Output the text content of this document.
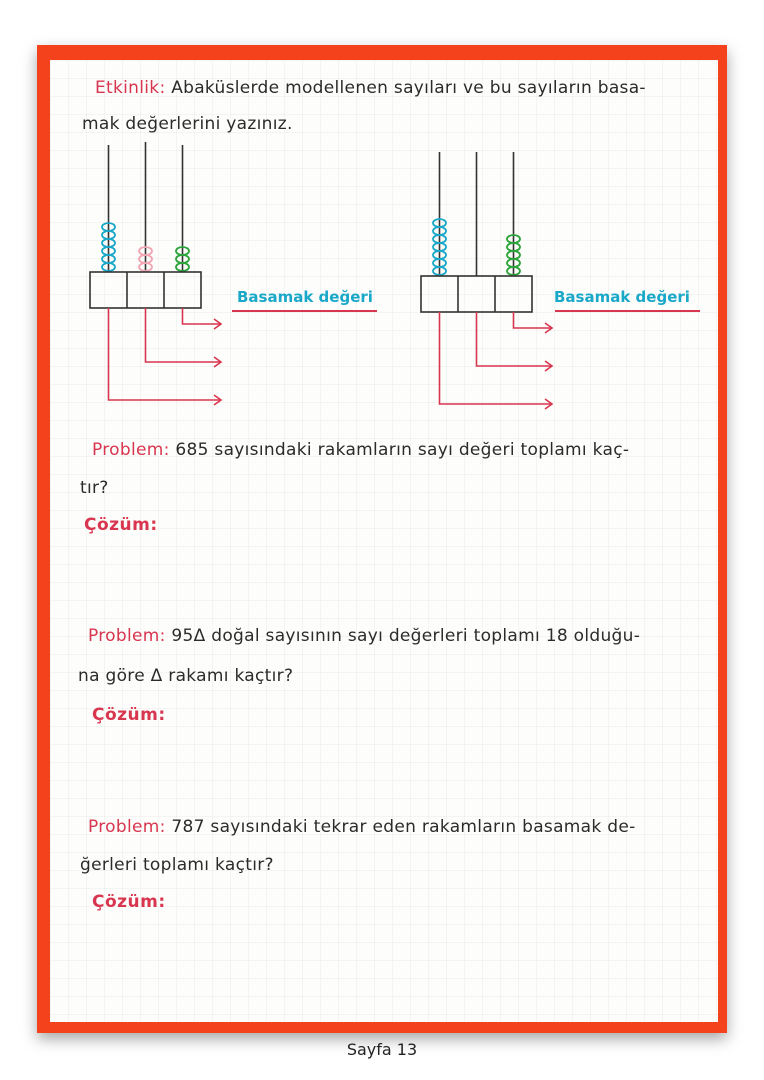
Etkinlik: Abaküslerde modellenen sayıları ve bu sayıların basa-
mak değerlerini yazınız.
Basamak değeri	Basamak değeri
Problem: 685 sayısındaki rakamların sayı değeri toplamı kaç-
tır?
Çözüm:
Problem: 95Δ doğal sayısının sayı değerleri toplamı 18 olduğu-
na göre Δ rakamı kaçtır?
Çözüm:
Problem: 787 sayısındaki tekrar eden rakamların basamak de-
ğerleri toplamı kaçtır?
Çözüm:
Sayfa 13
